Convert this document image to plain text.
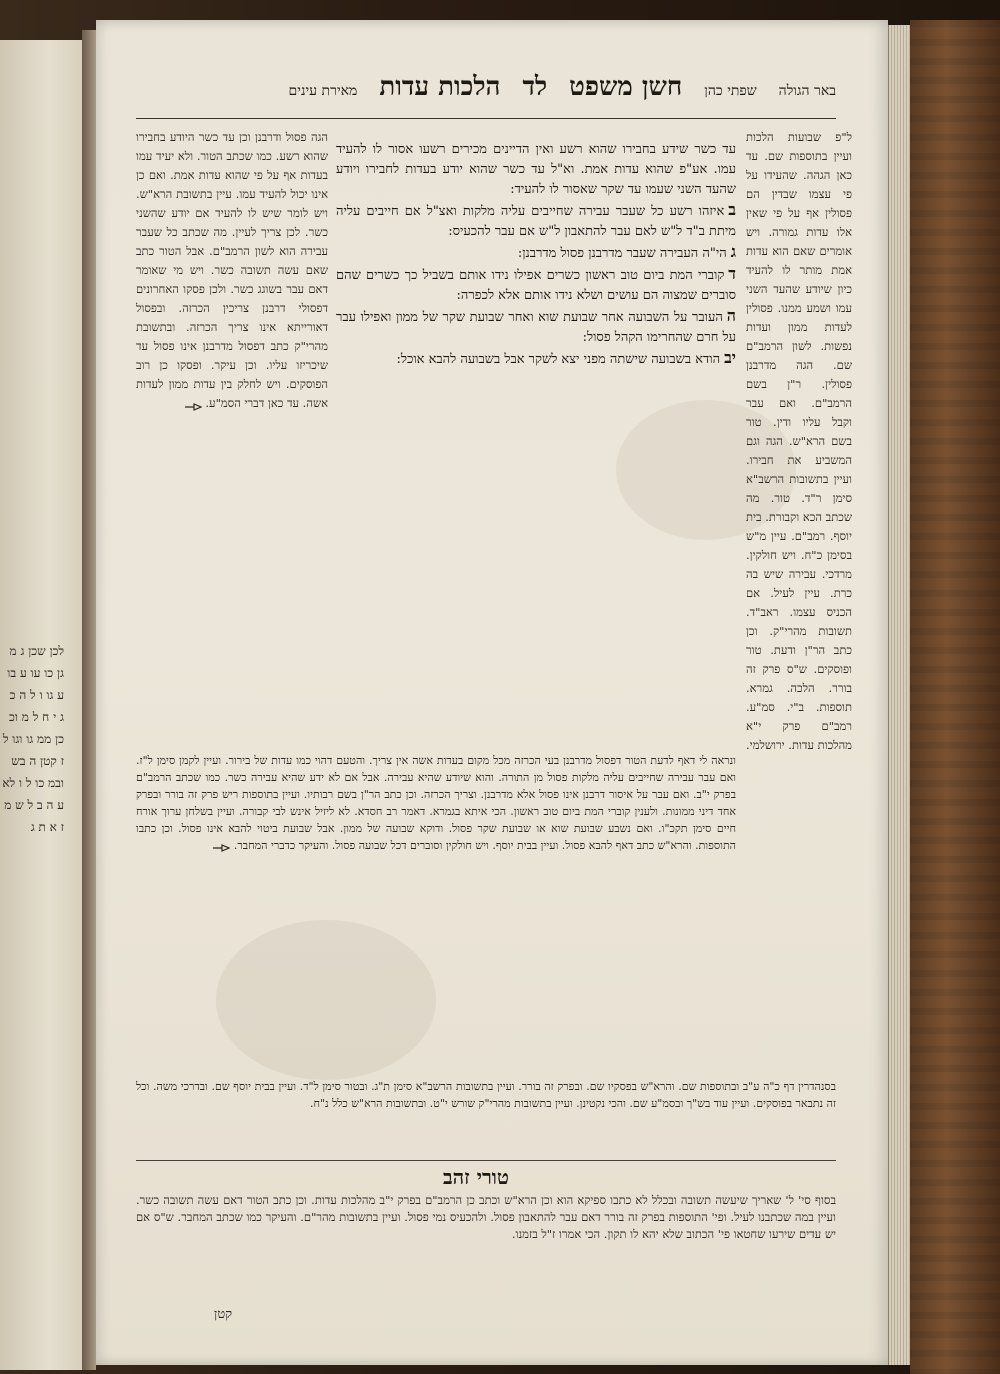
לכן שכן ג מ גן כו עו ע בו ע גו ו ל ה כ ג י ח ל מ וכ כן ממ גו וגו ל ז קטן ה בש ובמ כו ל ו לא ע ה ב ל ש מ ז א ת ג
באר הגולה
שפתי כהן
חשן משפט
לד
הלכות עדות
מאירת עינים
ל"פ שבועות הלכות ועיין בתוספות שם. עד כאן הגהה. שהעידו על פי עצמו שבדין הם פסולין אף על פי שאין אלו עדות גמורה. ויש אומרים שאם הוא עדות אמת מותר לו להעיד כיון שיודע שהעד השני עמו ושמע ממנו. פסולין לעדות ממון ועדות נפשות. לשון הרמב"ם שם. הגה מדרבנן פסולין. ר"ן בשם הרמב"ם. ואם עבר וקבל עליו ודין. טור בשם הרא"ש. הגה וגם המשביע את חבירו. ועיין בתשובות הרשב"א סימן ר"ד. טור. מה שכתב הכא וקבורת. בית יוסף. רמב"ם. עיין מ"ש בסימן כ"ח. ויש חולקין. מרדכי. עבירה שיש בה כרת. עיין לעיל. אם הכניס עצמו. ראב"ד. תשובות מהרי"ק. וכן כתב הר"ן ודעת. טור ופוסקים. ש"ס פרק זה בורר. הלכה. גמרא. תוספות. ב"י. סמ"ע. רמב"ם פרק י"א מהלכות עדות. ירושלמי.
עד כשר שידע בחבירו שהוא רשע ואין הדיינים מכירים רשעו אסור לו להעיד עמו. אע"פ שהוא עדות אמת. וא"ל עד כשר שהוא יודע בעדות לחבירו ויודע שהעד השני שעמו עד שקר שאסור לו להעיד:
באיזהו רשע כל שעבר עבירה שחייבים עליה מלקות ואצ"ל אם חייבים עליה מיתת ב"ד ל"ש לאם עבר להתאבון ל"ש אם עבר להכעיס:
גהי"ה העבירה שעבר מדרבנן פסול מדרבנן:
דקוברי המת ביום טוב ראשון כשרים אפילו נידו אותם בשביל כך כשרים שהם סוברים שמצוה הם עושים ושלא נידו אותם אלא לכפרה:
ההעובר על השבועה אחר שבועת שוא ואחר שבועת שקר של ממון ואפילו עבר על חרם שהחרימו הקהל פסול:
יבהודא בשבועה שישתה מפני יצא לשקר אבל בשבועה להבא אוכל:
הגה פסול ודרבנן וכן עד כשר היודע בחבירו שהוא רשע. כמו שכתב הטור. ולא יעיד עמו בעדות אף על פי שהוא עדות אמת. ואם כן אינו יכול להעיד עמו. עיין בתשובת הרא"ש. ויש לומר שיש לו להעיד אם יודע שהשני כשר. לכן צריך לעיין. מה שכתב כל שעבר עבירה הוא לשון הרמב"ם. אבל הטור כתב שאם עשה תשובה כשר. ויש מי שאומר דאם עבר בשוגג כשר. ולכן פסקו האחרונים דפסולי דרבנן צריכין הכרזה. ובפסול דאורייתא אינו צריך הכרזה. ובתשובת מהרי"ק כתב דפסול מדרבנן אינו פסול עד שיכריזו עליו. וכן עיקר. ופסקו כן רוב הפוסקים. ויש לחלק בין עדות ממון לעדות אשה. עד כאן דברי הסמ"ע.
ונראה לי דאף לדעת הטור דפסול מדרבנן בעי הכרזה מכל מקום בעדות אשה אין צריך. והטעם דהוי כמו עדות של בירור. ועיין לקמן סימן ל"ז. ואם עבר עבירה שחייבים עליה מלקות פסול מן התורה. והוא שיודע שהיא עבירה. אבל אם לא ידע שהיא עבירה כשר. כמו שכתב הרמב"ם בפרק י"ב. ואם עבר על איסור דרבנן אינו פסול אלא מדרבנן. וצריך הכרזה. וכן כתב הר"ן בשם רבותיו. ועיין בתוספות ריש פרק זה בורר ובפרק אחד דיני ממונות. ולענין קוברי המת ביום טוב ראשון. הכי איתא בגמרא. דאמר רב חסדא. לא ליזיל אינש לבי קבורה. ועיין בשלחן ערוך אורח חיים סימן תקכ"ו. ואם נשבע שבועת שוא או שבועת שקר פסול. ודוקא שבועה של ממון. אבל שבועת ביטוי להבא אינו פסול. וכן כתבו התוספות. והרא"ש כתב דאף להבא פסול. ועיין בבית יוסף. ויש חולקין וסוברים דכל שבועה פסול. והעיקר כדברי המחבר.
בסנהדרין דף כ"ה ע"ב ובתוספות שם. והרא"ש בפסקיו שם. ובפרק זה בורר. ועיין בתשובות הרשב"א סימן ת"ג. ובטור סימן ל"ד. ועיין בבית יוסף שם. ובדרכי משה. וכל זה נתבאר בפוסקים. ועיין עוד בש"ך ובסמ"ע שם. והכי נקטינן. ועיין בתשובות מהרי"ק שורש י"ט. ובתשובות הרא"ש כלל נ"ח.
טורי זהב
בסוף סי' ל' שאריך שיעשה תשובה ובכלל לא כתבו ספיקא הוא וכן הרא"ש וכתב כן הרמב"ם בפרק י"ב מהלכות עדות. וכן כתב הטור דאם עשה תשובה כשר. ועיין במה שכתבנו לעיל. ופי' התוספות בפרק זה בורר דאם עבר להתאבון פסול. ולהכעיס נמי פסול. ועיין בתשובות מהר"ם. והעיקר כמו שכתב המחבר. ש"ס אם יש עדים שירעו שחטאו פי' הכתוב שלא יהא לו תקון. הכי אמרו ז"ל בזמנו.
קטן
